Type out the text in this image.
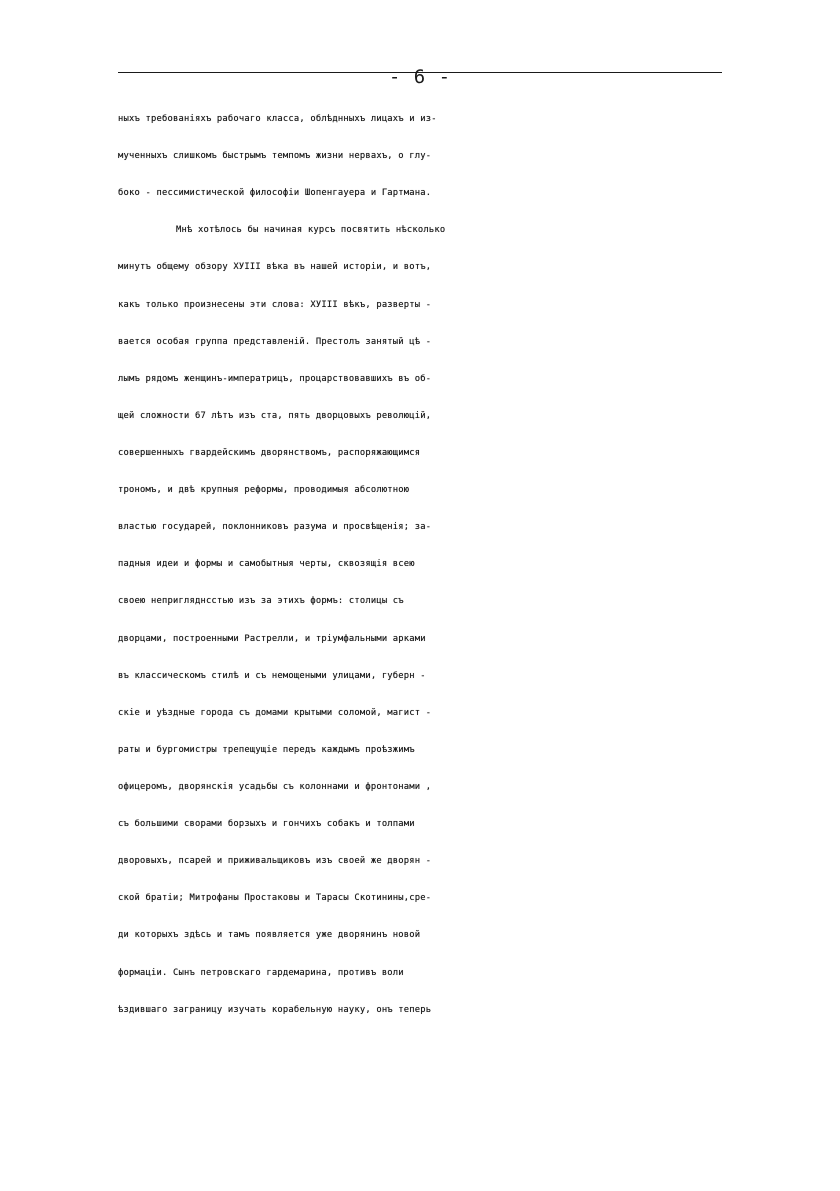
- 6 -
ныхъ требованіяхъ рабочаго класса, облѣднныхъ лицахъ и из-
мученныхъ слишкомъ быстрымъ темпомъ жизни нервахъ, о глу-
боко - пессимистической философіи Шопенгауера и Гартмана.
Мнѣ хотѣлось бы начиная курсъ посвятить нѣсколько
минутъ общему обзору ХУIII вѣка въ нашей исторіи, и вотъ,
какъ только произнесены эти слова: ХУIII вѣкъ, разверты -
вается особая группа представленій. Престолъ занятый цѣ -
лымъ рядомъ женщинъ-императрицъ, процарствовавшихъ въ об-
щей сложности 67 лѣтъ изъ ста, пять дворцовыхъ революцій,
совершенныхъ гвардейскимъ дворянствомъ, распоряжающимся
трономъ, и двѣ крупныя реформы, проводимыя абсолютною
властью государей, поклонниковъ разума и просвѣщенія; за-
падныя идеи и формы и самобытныя черты, сквозящія всею
своею непригляднсстью изъ за этихъ формъ: столицы съ
дворцами, построенными Растрелли, и тріумфальными арками
въ классическомъ стилѣ и съ немощеными улицами, губерн -
скіе и уѣздные города съ домами крытыми соломой, магист -
раты и бургомистры трепещущіе передъ каждымъ проѣзжимъ
офицеромъ, дворянскія усадьбы съ колоннами и фронтонами ,
съ большими сворами борзыхъ и гончихъ собакъ и толпами
дворовыхъ, псарей и приживальщиковъ изъ своей же дворян -
ской братіи; Митрофаны Простаковы и Тарасы Скотинины,сре-
ди которыхъ здѣсь и тамъ появляется уже дворянинъ новой
формаціи. Сынъ петровскаго гардемарина, противъ воли
ѣздившаго заграницу изучать корабельную науку, онъ теперь
